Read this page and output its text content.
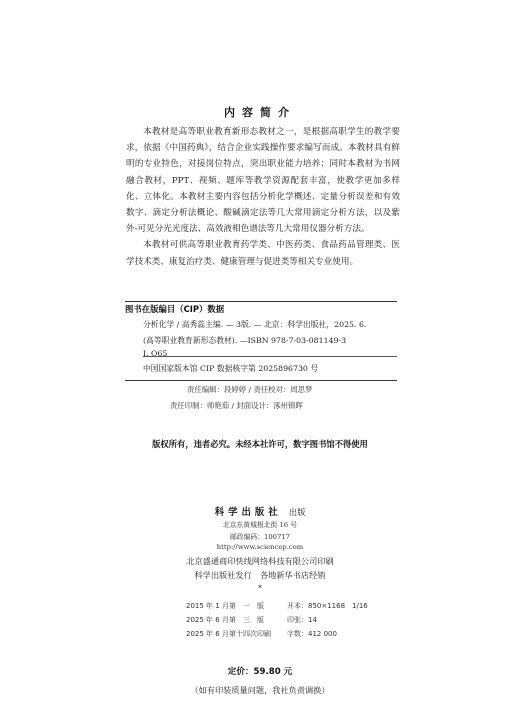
内容简介

本教材是高等职业教育新形态教材之一，是根据高职学生的教学要求，依据《中国药典》，结合企业实践操作要求编写而成。本教材具有鲜明的专业特色，对接岗位特点，突出职业能力培养；同时本教材为书网融合教材，PPT、视频、题库等教学资源配套丰富，使教学更加多样化、立体化。本教材主要内容包括分析化学概述、定量分析误差和有效数字、滴定分析法概论、酸碱滴定法等几大常用滴定分析方法，以及紫外-可见分光光度法、高效液相色谱法等几大常用仪器分析方法。

本教材可供高等职业教育药学类、中医药类、食品药品管理类、医学技术类、康复治疗类、健康管理与促进类等相关专业使用。

图书在版编目（CIP）数据
分析化学 / 高秀蕊主编. — 3版. — 北京：科学出版社，2025. 6.
(高等职业教育新形态教材). —ISBN 978-7-03-081149-3
Ⅰ. O65
中国国家版本馆 CIP 数据核字第 2025896730 号
责任编辑：段婷婷 / 责任校对：周思梦
责任印制：师艳茹 / 封面设计：涿州锦晖
版权所有，违者必究。未经本社许可，数字图书馆不得使用
科学出版社 出版
北京东黄城根北街 16 号
邮政编码：100717
http://www.sciencep.com
北京盛通商印快线网络科技有限公司印刷
科学出版社发行　各地新华书店经销
*
2015 年 1 月第　一　版	开本：850×1168　1/16
2025 年 6 月第　三　版	印张：14
2025 年 6 月第十四次印刷 字数：412 000
定价：59.80 元
（如有印装质量问题，我社负责调换）
